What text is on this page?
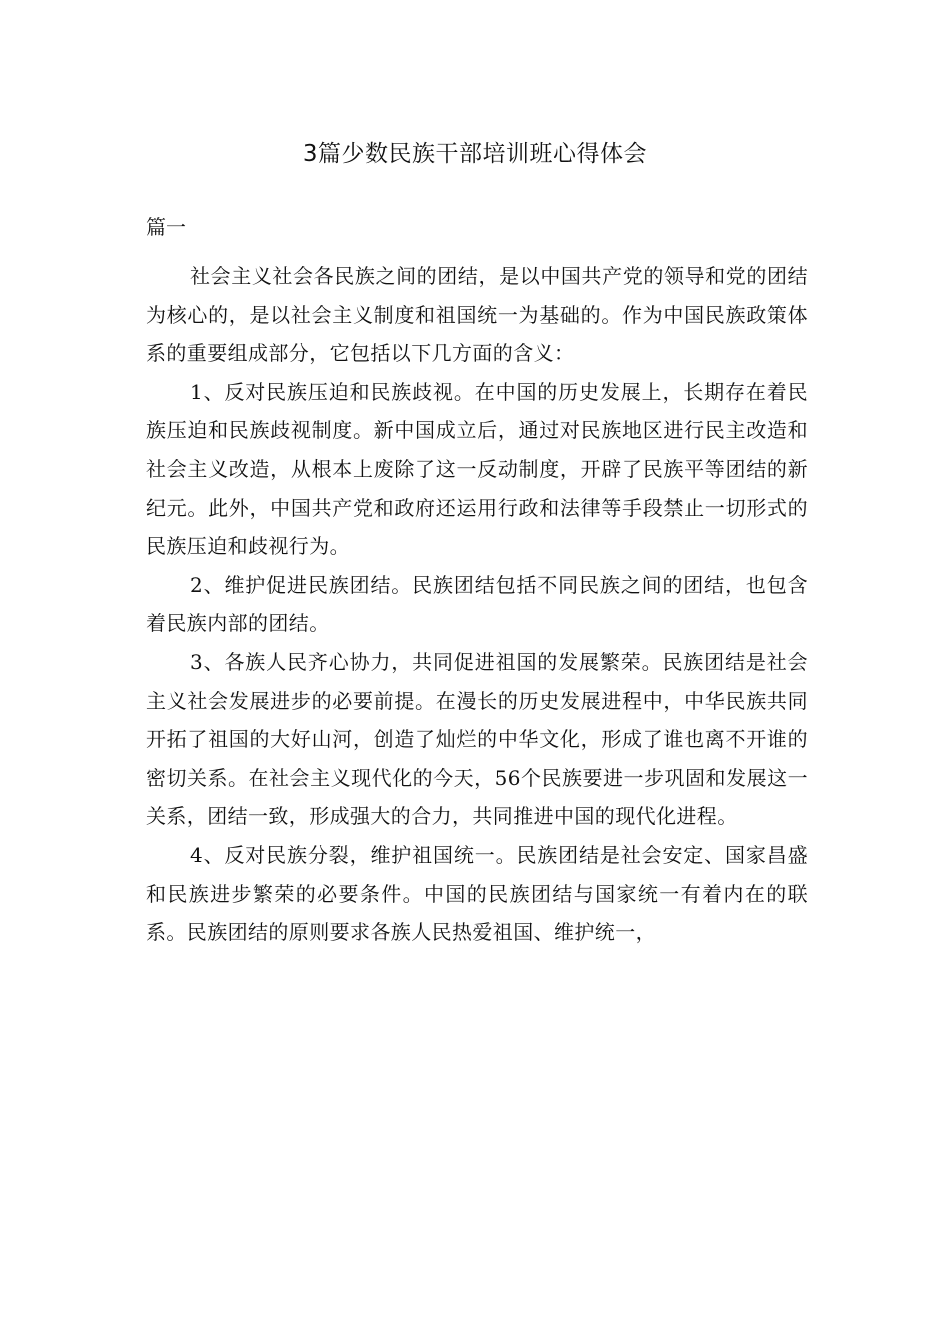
3篇少数民族干部培训班心得体会

篇一

社会主义社会各民族之间的团结，是以中国共产党的领导和党的团结为核心的，是以社会主义制度和祖国统一为基础的。作为中国民族政策体系的重要组成部分，它包括以下几方面的含义：

1、反对民族压迫和民族歧视。在中国的历史发展上，长期存在着民族压迫和民族歧视制度。新中国成立后，通过对民族地区进行民主改造和社会主义改造，从根本上废除了这一反动制度，开辟了民族平等团结的新纪元。此外，中国共产党和政府还运用行政和法律等手段禁止一切形式的民族压迫和歧视行为。

2、维护促进民族团结。民族团结包括不同民族之间的团结，也包含着民族内部的团结。

3、各族人民齐心协力，共同促进祖国的发展繁荣。民族团结是社会主义社会发展进步的必要前提。在漫长的历史发展进程中，中华民族共同开拓了祖国的大好山河，创造了灿烂的中华文化，形成了谁也离不开谁的密切关系。在社会主义现代化的今天，56个民族要进一步巩固和发展这一关系，团结一致，形成强大的合力，共同推进中国的现代化进程。

4、反对民族分裂，维护祖国统一。民族团结是社会安定、国家昌盛和民族进步繁荣的必要条件。中国的民族团结与国家统一有着内在的联系。民族团结的原则要求各族人民热爱祖国、维护统一，
